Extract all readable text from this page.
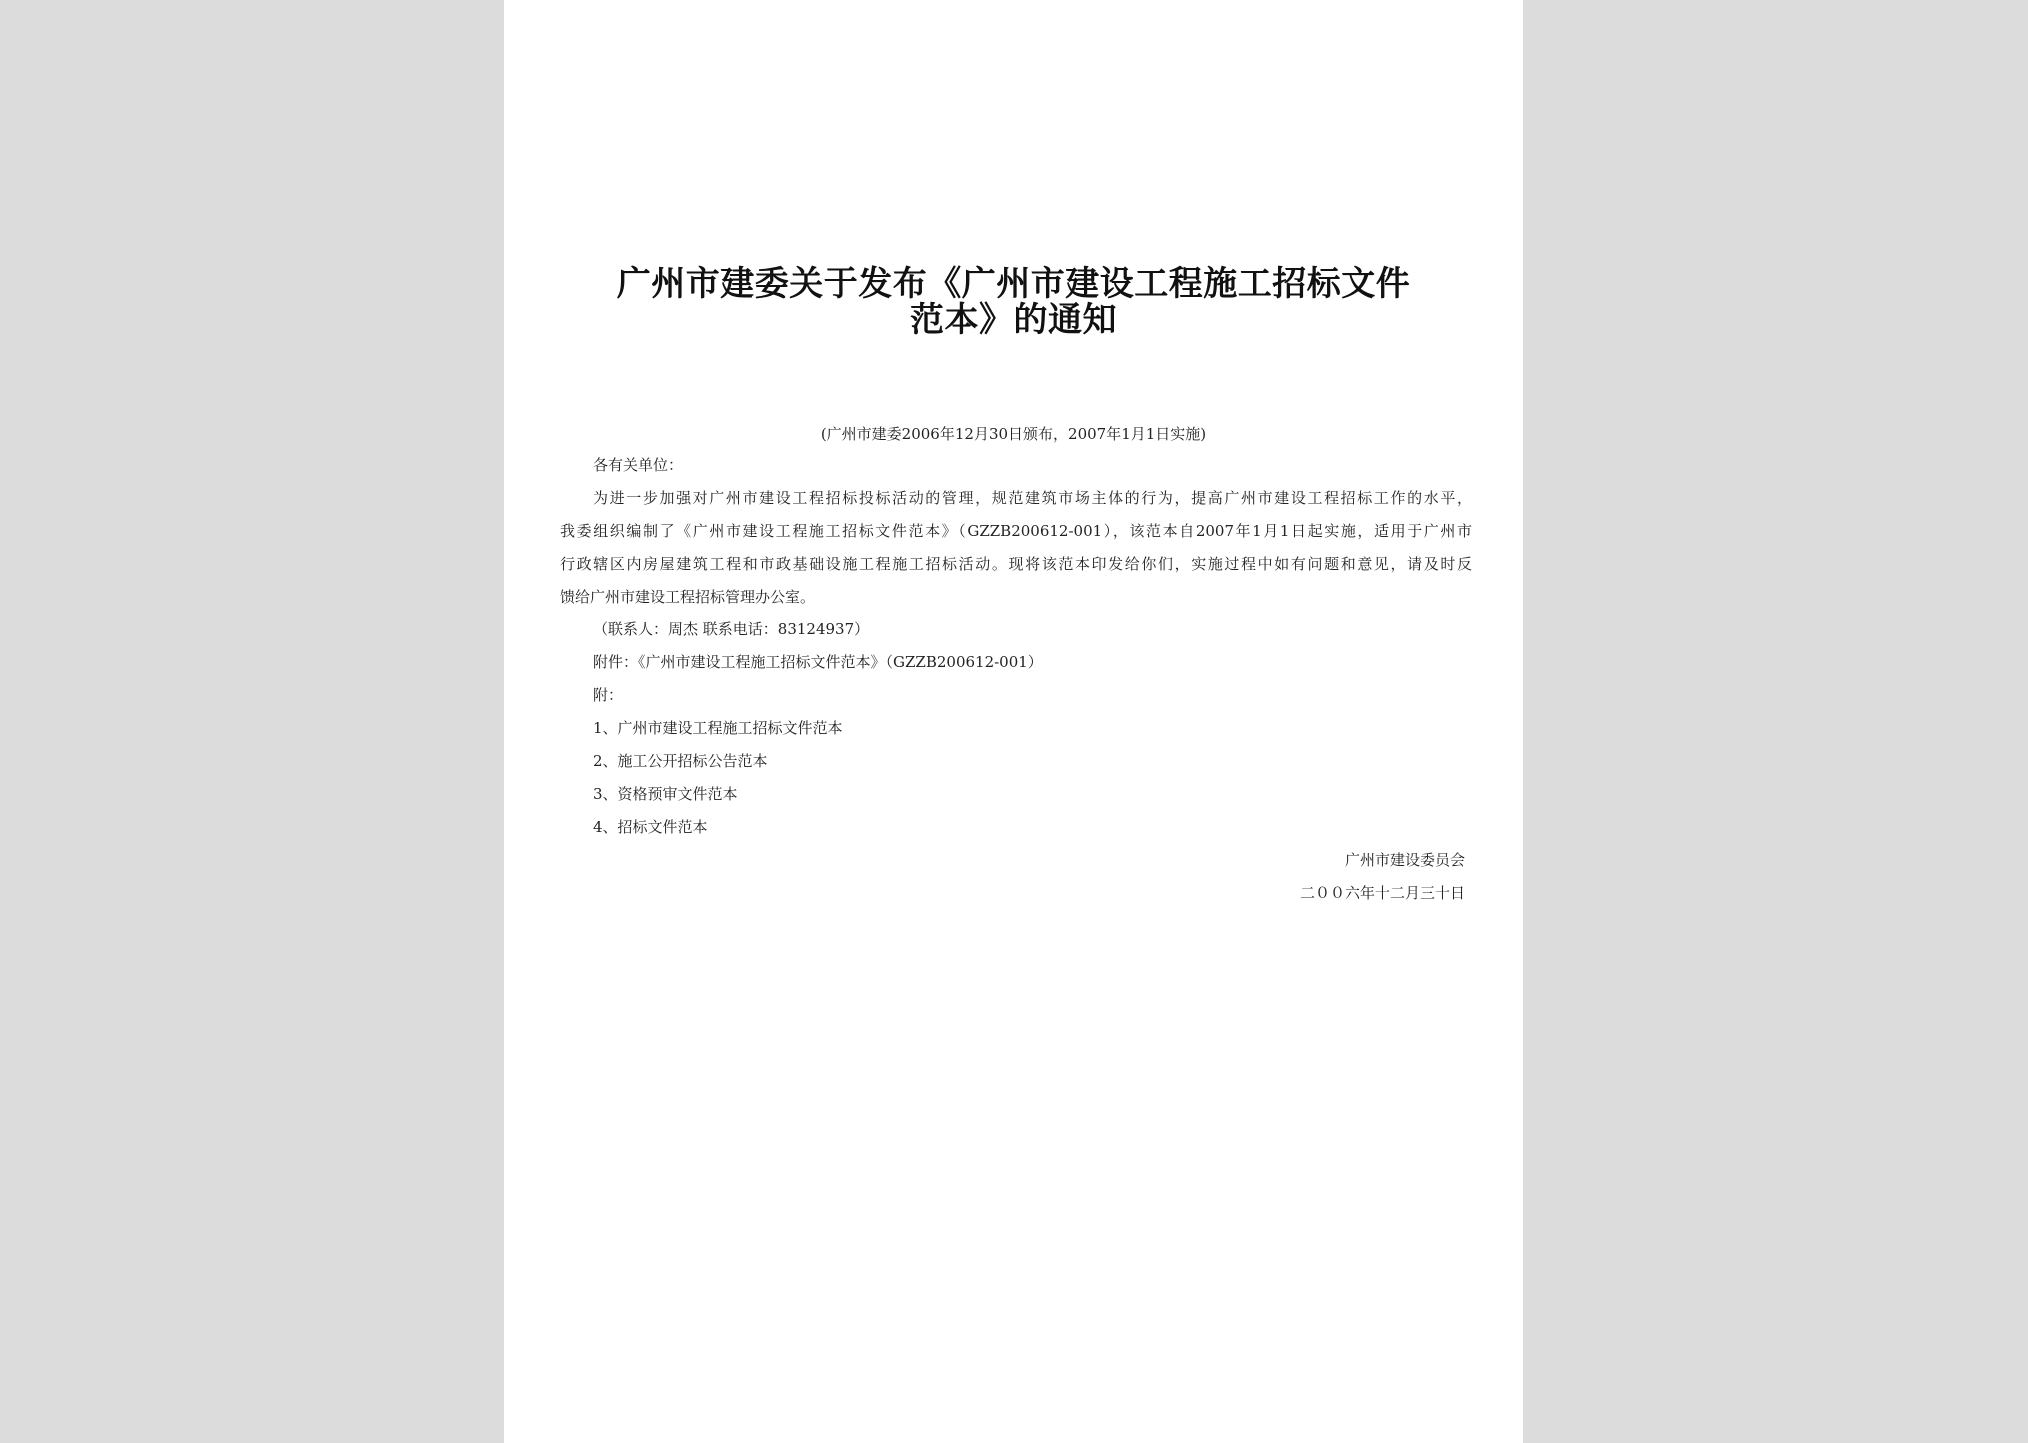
广州市建委关于发布《广州市建设工程施工招标文件
范本》的通知
(广州市建委2006年12月30日颁布，2007年1月1日实施)
各有关单位：
为进一步加强对广州市建设工程招标投标活动的管理，规范建筑市场主体的行为，提高广州市建设工程招标工作的水平，
我委组织编制了《广州市建设工程施工招标文件范本》（GZZB200612-001），该范本自2007年1月1日起实施，适用于广州市
行政辖区内房屋建筑工程和市政基础设施工程施工招标活动。现将该范本印发给你们，实施过程中如有问题和意见，请及时反
馈给广州市建设工程招标管理办公室。
（联系人：周杰 联系电话：83124937）
附件：《广州市建设工程施工招标文件范本》（GZZB200612-001）
附：
1、广州市建设工程施工招标文件范本
2、施工公开招标公告范本
3、资格预审文件范本
4、招标文件范本
广州市建设委员会
二００六年十二月三十日
